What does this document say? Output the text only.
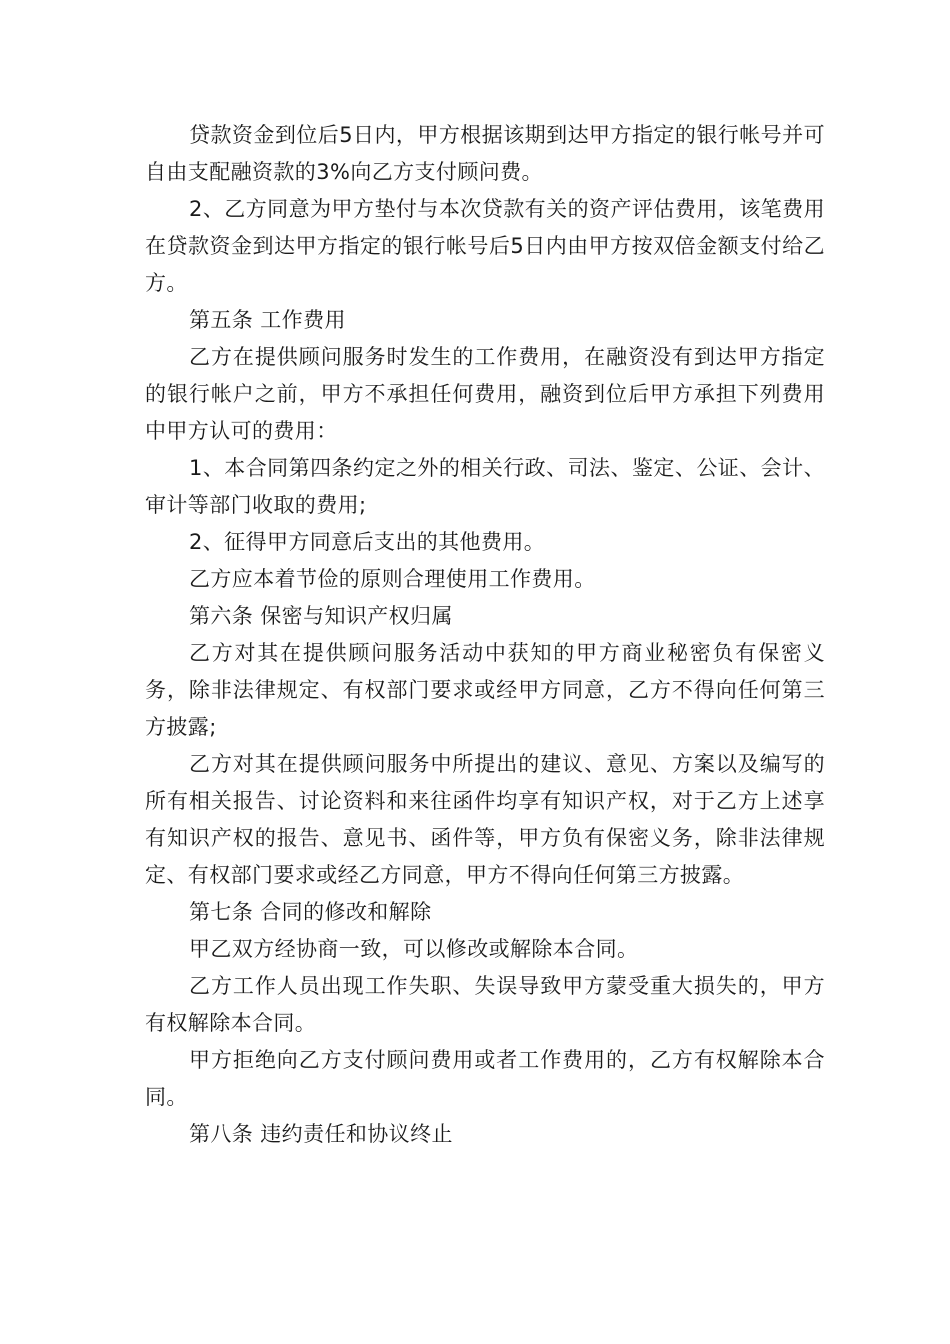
贷款资金到位后5日内，甲方根据该期到达甲方指定的银行帐号并可自由支配融资款的3%向乙方支付顾问费。

2、乙方同意为甲方垫付与本次贷款有关的资产评估费用，该笔费用在贷款资金到达甲方指定的银行帐号后5日内由甲方按双倍金额支付给乙方。

第五条 工作费用

乙方在提供顾问服务时发生的工作费用，在融资没有到达甲方指定的银行帐户之前，甲方不承担任何费用，融资到位后甲方承担下列费用中甲方认可的费用：

1、本合同第四条约定之外的相关行政、司法、鉴定、公证、会计、审计等部门收取的费用;

2、征得甲方同意后支出的其他费用。

乙方应本着节俭的原则合理使用工作费用。

第六条 保密与知识产权归属

乙方对其在提供顾问服务活动中获知的甲方商业秘密负有保密义务，除非法律规定、有权部门要求或经甲方同意，乙方不得向任何第三方披露;

乙方对其在提供顾问服务中所提出的建议、意见、方案以及编写的所有相关报告、讨论资料和来往函件均享有知识产权，对于乙方上述享有知识产权的报告、意见书、函件等，甲方负有保密义务，除非法律规定、有权部门要求或经乙方同意，甲方不得向任何第三方披露。

第七条 合同的修改和解除

甲乙双方经协商一致，可以修改或解除本合同。

乙方工作人员出现工作失职、失误导致甲方蒙受重大损失的，甲方有权解除本合同。

甲方拒绝向乙方支付顾问费用或者工作费用的，乙方有权解除本合同。

第八条 违约责任和协议终止
